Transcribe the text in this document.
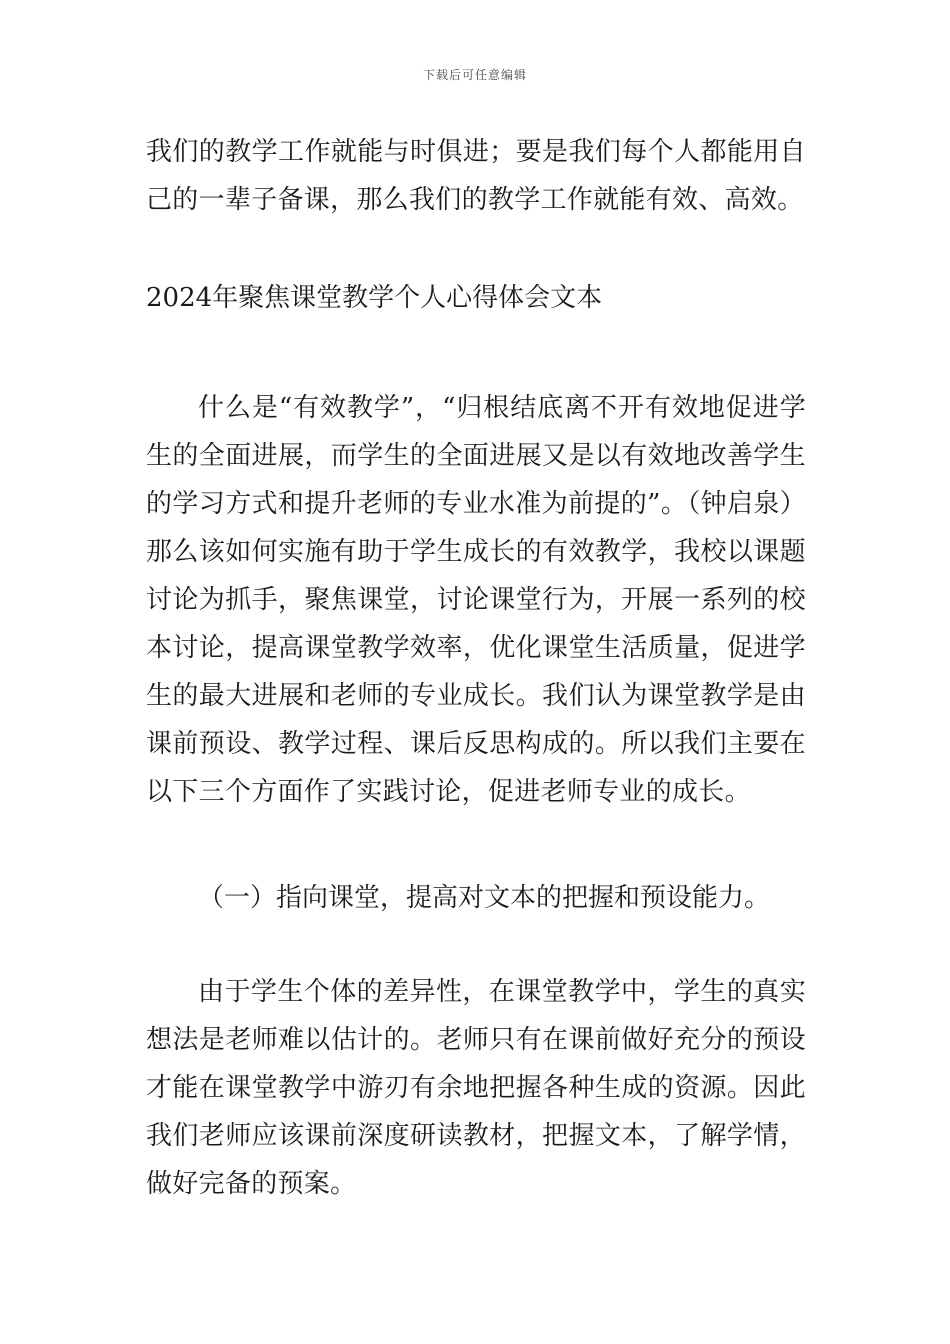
下载后可任意编辑

我们的教学工作就能与时俱进；要是我们每个人都能用自己的一辈子备课，那么我们的教学工作就能有效、高效。

2024年聚焦课堂教学个人心得体会文本

什么是“有效教学”，“归根结底离不开有效地促进学生的全面进展，而学生的全面进展又是以有效地改善学生的学习方式和提升老师的专业水准为前提的”。（钟启泉）那么该如何实施有助于学生成长的有效教学，我校以课题讨论为抓手，聚焦课堂，讨论课堂行为，开展一系列的校本讨论，提高课堂教学效率，优化课堂生活质量，促进学生的最大进展和老师的专业成长。我们认为课堂教学是由课前预设、教学过程、课后反思构成的。所以我们主要在以下三个方面作了实践讨论，促进老师专业的成长。

（一）指向课堂，提高对文本的把握和预设能力。

由于学生个体的差异性，在课堂教学中，学生的真实想法是老师难以估计的。老师只有在课前做好充分的预设才能在课堂教学中游刃有余地把握各种生成的资源。因此我们老师应该课前深度研读教材，把握文本，了解学情，做好完备的预案。
